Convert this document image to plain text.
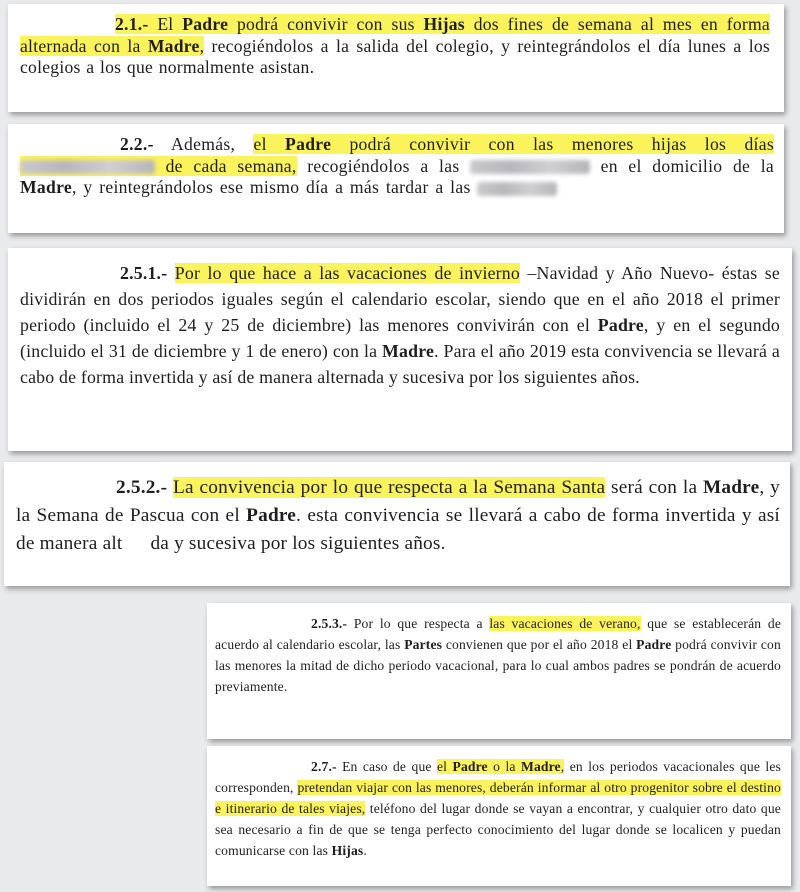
2.1.- El Padre podrá convivir con sus Hijas dos fines de semana al mes en forma alternada con la Madre, recogiéndolos a la salida del colegio, y reintegrándolos el día lunes a los colegios a los que normalmente asistan.

2.2.- Además, el Padre podrá convivir con las menores hijas los días  de cada semana, recogiéndolos a las	en el domicilio de la Madre, y reintegrándolos ese mismo día a más tardar a las

2.5.1.- Por lo que hace a las vacaciones de invierno –Navidad y Año Nuevo- éstas se dividirán en dos periodos iguales según el calendario escolar, siendo que en el año 2018 el primer periodo (incluido el 24 y 25 de diciembre) las menores convivirán con el Padre, y en el segundo (incluido el 31 de diciembre y 1 de enero) con la Madre. Para el año 2019 esta convivencia se llevará a cabo de forma invertida y así de manera alternada y sucesiva por los siguientes años.

2.5.2.- La convivencia por lo que respecta a la Semana Santa será con la Madre, y la Semana de Pascua con el Padre. esta convivencia se llevará a cabo de forma invertida y así de manera alt da y sucesiva por los siguientes años.

2.5.3.- Por lo que respecta a las vacaciones de verano, que se establecerán de acuerdo al calendario escolar, las Partes convienen que por el año 2018 el Padre podrá convivir con las menores la mitad de dicho periodo vacacional, para lo cual ambos padres se pondrán de acuerdo previamente.

2.7.- En caso de que el Padre o la Madre, en los periodos vacacionales que les corresponden, pretendan viajar con las menores, deberán informar al otro progenitor sobre el destino e itinerario de tales viajes, teléfono del lugar donde se vayan a encontrar, y cualquier otro dato que sea necesario a fin de que se tenga perfecto conocimiento del lugar donde se localicen y puedan comunicarse con las Hijas.
